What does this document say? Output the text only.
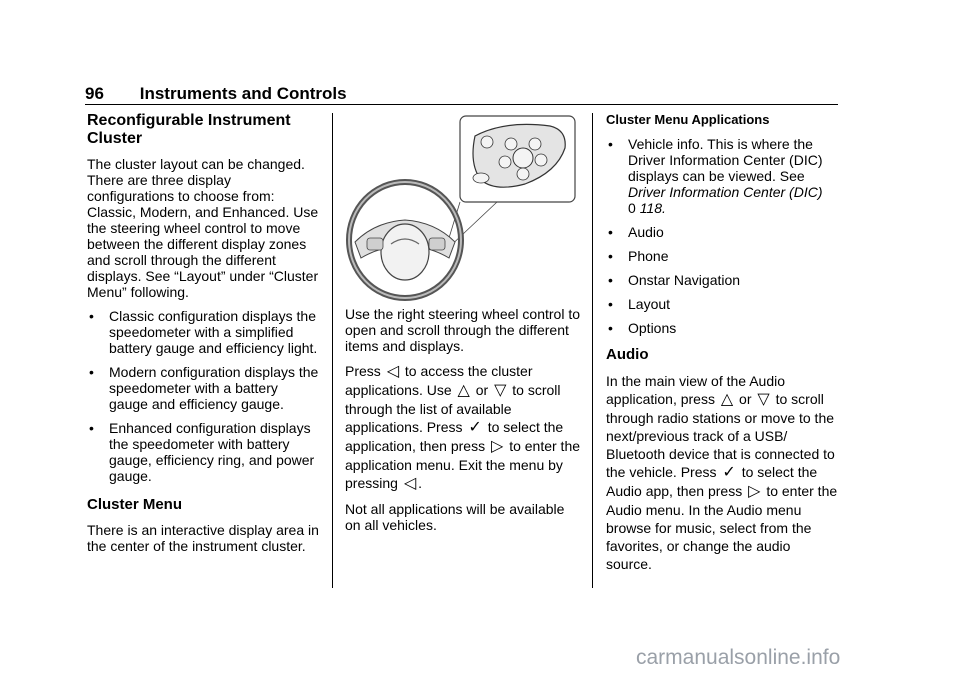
96 Instruments and Controls
Reconfigurable Instrument Cluster

The cluster layout can be changed. There are three display configurations to choose from: Classic, Modern, and Enhanced. Use the steering wheel control to move between the different display zones and scroll through the different displays. See “Layout” under “Cluster Menu” following.

• Classic configuration displays the speedometer with a simplified battery gauge and efficiency light.
• Modern configuration displays the speedometer with a battery gauge and efficiency gauge.
• Enhanced configuration displays the speedometer with battery gauge, efficiency ring, and power gauge.
Cluster Menu

There is an interactive display area in the center of the instrument cluster.

Use the right steering wheel control to open and scroll through the different items and displays.

Press ◁ to access the cluster applications. Use △ or ▽ to scroll through the list of available applications. Press ✓ to select the application, then press ▷ to enter the application menu. Exit the menu by pressing ◁ .

Not all applications will be available on all vehicles.

Cluster Menu Applications
• Vehicle info. This is where the Driver Information Center (DIC) displays can be viewed. See Driver Information Center (DIC)
0 118.
• Audio
• Phone
• Onstar Navigation
• Layout
• Options
Audio

In the main view of the Audio application, press △ or ▽ to scroll through radio stations or move to the next/previous track of a USB/ Bluetooth device that is connected to the vehicle. Press ✓ to select the Audio app, then press ▷ to enter the Audio menu. In the Audio menu browse for music, select from the favorites, or change the audio source.

carmanualsonline.info
